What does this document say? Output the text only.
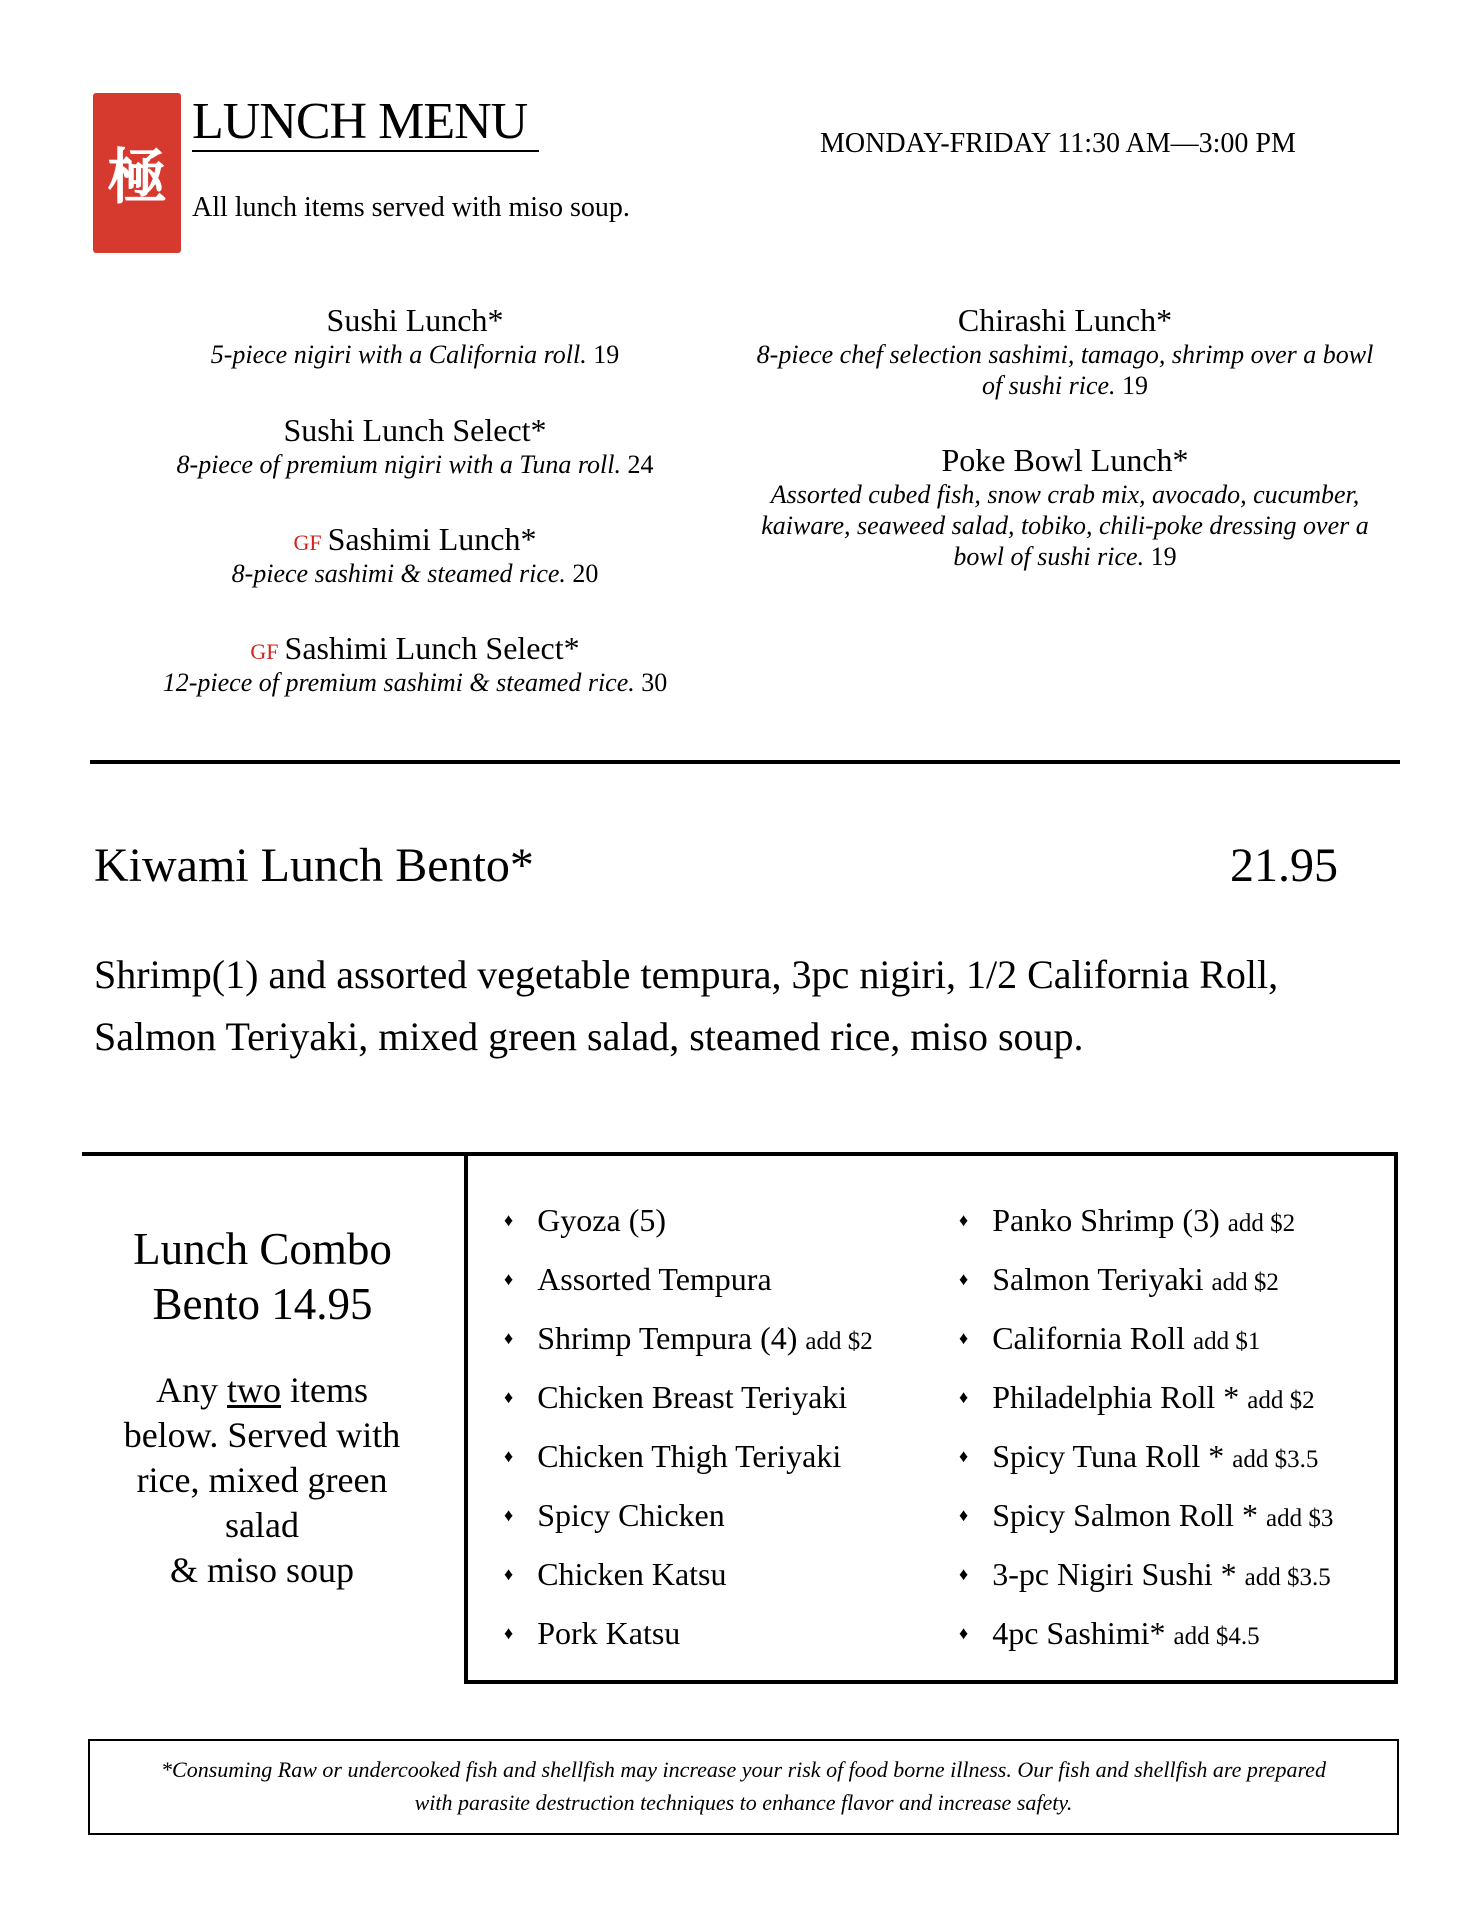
極
LUNCH MENU
All lunch items served with miso soup.
MONDAY-FRIDAY 11:30 AM—3:00 PM
Sushi Lunch*
5-piece nigiri with a California roll. 19
Sushi Lunch Select*
8-piece of premium nigiri with a Tuna roll. 24
GF Sashimi Lunch*
8-piece sashimi & steamed rice. 20
GF Sashimi Lunch Select*
12-piece of premium sashimi & steamed rice. 30
Chirashi Lunch*
8-piece chef selection sashimi, tamago, shrimp over a bowl
of sushi rice. 19
Poke Bowl Lunch*
Assorted cubed fish, snow crab mix, avocado, cucumber,
kaiware, seaweed salad, tobiko, chili-poke dressing over a
bowl of sushi rice. 19
Kiwami Lunch Bento*	21.95
Shrimp(1) and assorted vegetable tempura, 3pc nigiri, 1/2 California Roll,
Salmon Teriyaki, mixed green salad, steamed rice, miso soup.
Lunch Combo
Bento 14.95
Any two items below. Served with rice, mixed green salad
& miso soup
♦ Gyoza (5)
♦ Assorted Tempura
♦ Shrimp Tempura (4) add $2
♦ Chicken Breast Teriyaki
♦ Chicken Thigh Teriyaki
♦ Spicy Chicken
♦ Chicken Katsu
♦ Pork Katsu
♦ Panko Shrimp (3) add $2
♦ Salmon Teriyaki add $2
♦ California Roll add $1
♦ Philadelphia Roll * add $2
♦ Spicy Tuna Roll * add $3.5
♦ Spicy Salmon Roll * add $3
♦ 3-pc Nigiri Sushi * add $3.5
♦ 4pc Sashimi* add $4.5
*Consuming Raw or undercooked fish and shellfish may increase your risk of food borne illness. Our fish and shellfish are prepared
with parasite destruction techniques to enhance flavor and increase safety.
